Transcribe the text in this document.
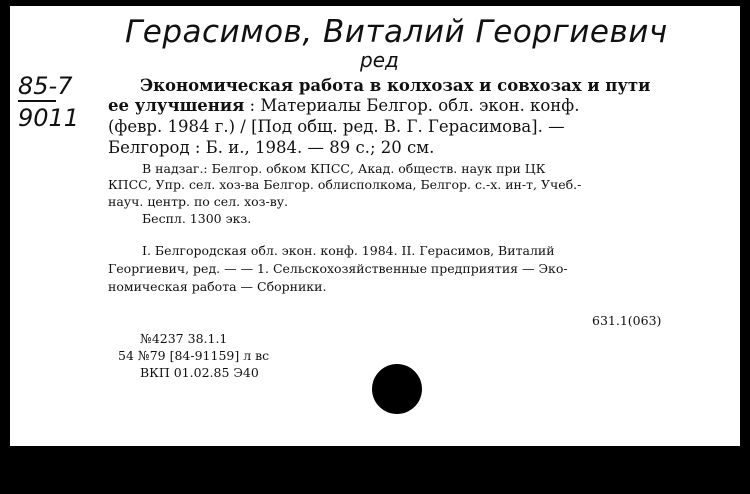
Герасимов, Виталий Георгиевич
ред
85-7
9011
Экономическая работа в колхозах и совхозах и пути
ее улучшения : Материалы Белгор. обл. экон. конф.
(февр. 1984 г.) / [Под общ. ред. В. Г. Герасимова]. —
Белгород : Б. и., 1984. — 89 с.; 20 см.
В надзаг.: Белгор. обком КПСС, Акад. обществ. наук при ЦК
КПСС, Упр. сел. хоз-ва Белгор. облисполкома, Белгор. с.-х. ин-т, Учеб.-
науч. центр. по сел. хоз-ву.
Беспл. 1300 экз.
I. Белгородская обл. экон. конф. 1984. II. Герасимов, Виталий
Георгиевич, ред. — — 1. Сельскохозяйственные предприятия — Эко-
номическая работа — Сборники.
631.1(063)
№4237 38.1.1
54 №79 [84-91159] л вс
ВКП 01.02.85 Э40
